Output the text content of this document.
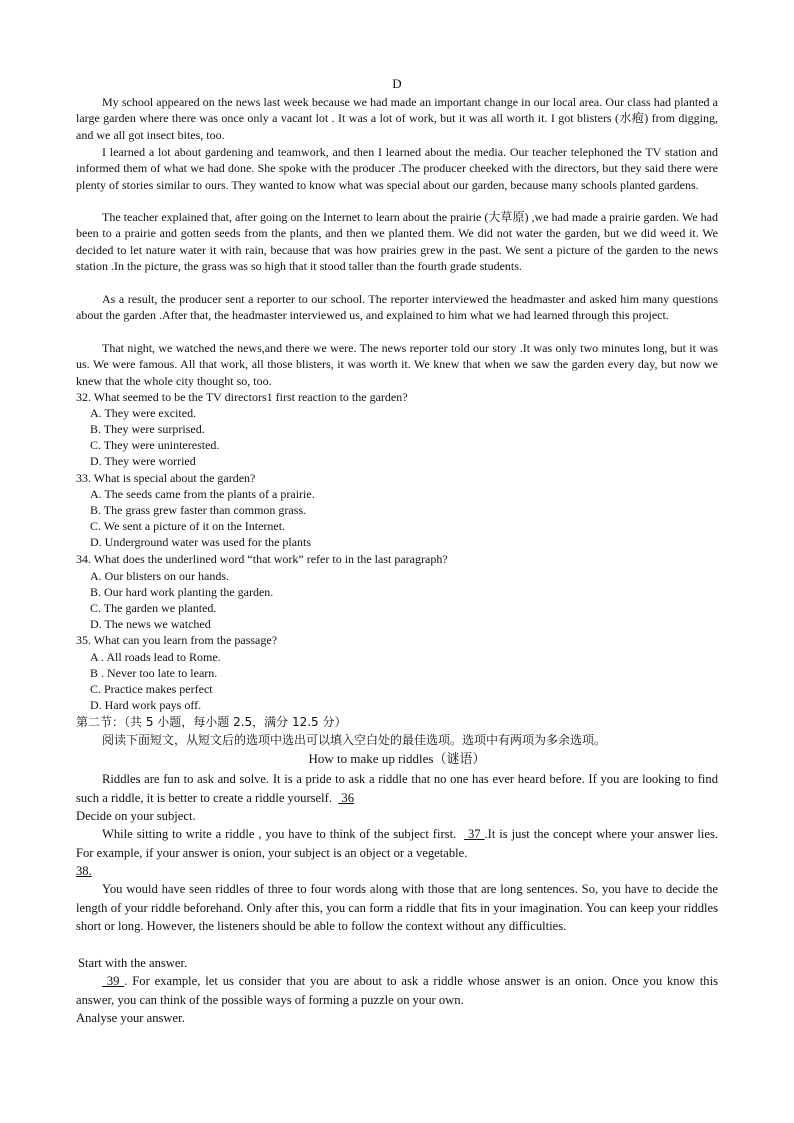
D

My school appeared on the news last week because we had made an important change in our local area. Our class had planted a large garden where there was once only a vacant lot . It was a lot of work, but it was all worth it. I got blisters (水疱) from digging, and we all got insect bites, too.

I learned a lot about gardening and teamwork, and then I learned about the media. Our teacher telephoned the TV station and informed them of what we had done. She spoke with the producer .The producer cheeked with the directors, but they said there were plenty of stories similar to ours. They wanted to know what was special about our garden, because many schools planted gardens.

The teacher explained that, after going on the Internet to learn about the prairie (大草原) ,we had made a prairie garden. We had been to a prairie and gotten seeds from the plants, and then we planted them. We did not water the garden, but we did weed it. We decided to let nature water it with rain, because that was how prairies grew in the past. We sent a picture of the garden to the news station .In the picture, the grass was so high that it stood taller than the fourth grade students.

As a result, the producer sent a reporter to our school. The reporter interviewed the headmaster and asked him many questions about the garden .After that, the headmaster interviewed us, and explained to him what we had learned through this project.

That night, we watched the news,and there we were. The news reporter told our story .It was only two minutes long, but it was us. We were famous. All that work, all those blisters, it was worth it. We knew that when we saw the garden every day, but now we knew that the whole city thought so, too.

32. What seemed to be the TV directors1 first reaction to the garden?
A. They were excited.
B. They were surprised.
C. They were uninterested.
D. They were worried
33. What is special about the garden?
A. The seeds came from the plants of a prairie.
B. The grass grew faster than common grass.
C. We sent a picture of it on the Internet.
D. Underground water was used for the plants
34. What does the underlined word “that work” refer to in the last paragraph?
A. Our blisters on our hands.
B. Our hard work planting the garden.
C. The garden we planted.
D. The news we watched
35. What can you learn from the passage?
A . All roads lead to Rome.
B . Never too late to learn.
C. Practice makes perfect
D. Hard work pays off.
第二节：（共 5 小题，每小题 2.5，满分 12.5 分）
阅读下面短文，从短文后的选项中选出可以填入空白处的最佳选项。选项中有两项为多余选项。
How to make up riddles（谜语）

Riddles are fun to ask and solve. It is a pride to ask a riddle that no one has ever heard before. If you are looking to find such a riddle, it is better to create a riddle yourself.   36

Decide on your subject.

While sitting to write a riddle , you have to think of the subject first.   37 .It is just the concept where your answer lies. For example, if your answer is onion, your subject is an object or a vegetable.
38.

You would have seen riddles of three to four words along with those that are long sentences. So, you have to decide the length of your riddle beforehand. Only after this, you can form a riddle that fits in your imagination. You can keep your riddles short or long. However, the listeners should be able to follow the context without any difficulties.

Start with the answer.

39 . For example, let us consider that you are about to ask a riddle whose answer is an onion. Once you know this answer, you can think of the possible ways of forming a puzzle on your own.

Analyse your answer.
